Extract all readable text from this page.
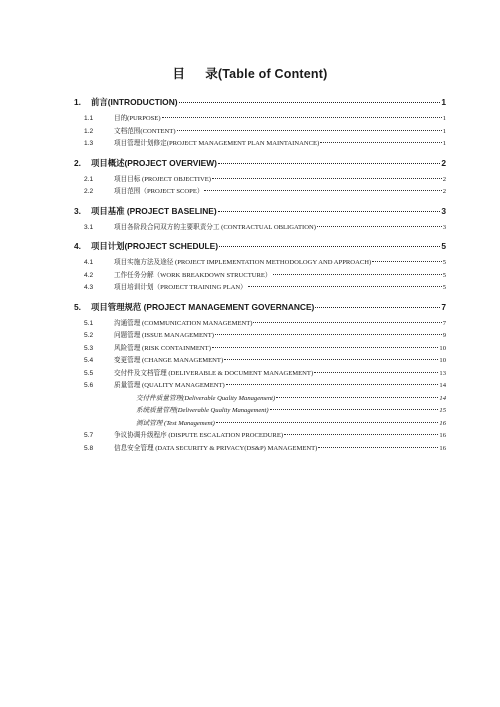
目 录(Table of Content)
1.	前言(INTRODUCTION)	1
1.1	目的(PURPOSE)	1
1.2	文档范围(CONTENT)	1
1.3	项目管理计划修定(PROJECT MANAGEMENT PLAN MAINTAINANCE)	1
2.	项目概述(PROJECT OVERVIEW)	2
2.1	项目目标 (PROJECT OBJECTIVE)	2
2.2	项目范围（PROJECT SCOPE）	2
3.	项目基准 (PROJECT BASELINE)	3
3.1	项目各阶段合同双方的主要职责分工 (CONTRACTUAL OBLIGATION)	3
4.	项目计划(PROJECT SCHEDULE)	5
4.1	项目实施方法及途径 (PROJECT IMPLEMENTATION METHODOLOGY AND APPROACH)	5
4.2	工作任务分解（WORK BREAKDOWN STRUCTURE）	5
4.3	项目培训计划（PROJECT TRAINING PLAN）	5
5.	项目管理规范 (PROJECT MANAGEMENT GOVERNANCE)	7
5.1	沟通管理 (COMMUNICATION MANAGEMENT)	7
5.2	问题管理 (ISSUE MANAGEMENT)	9
5.3	风险管理 (RISK CONTAINMENT)	10
5.4	变更管理 (CHANGE MANAGEMENT)	10
5.5	交付件及文档管理 (DELIVERABLE & DOCUMENT MANAGEMENT)	13
5.6	质量管理 (QUALITY MANAGEMENT)	14
交付件质量管理(Deliverable Quality Management)	14
系统质量管理(Deliverable Quality Management)	15
测试管理 (Test Management)	16
5.7	争议协调升级程序 (DISPUTE ESCALATION PROCEDURE)	16
5.8	信息安全管理 (DATA SECURITY & PRIVACY(DS&P) MANAGEMENT)	16
